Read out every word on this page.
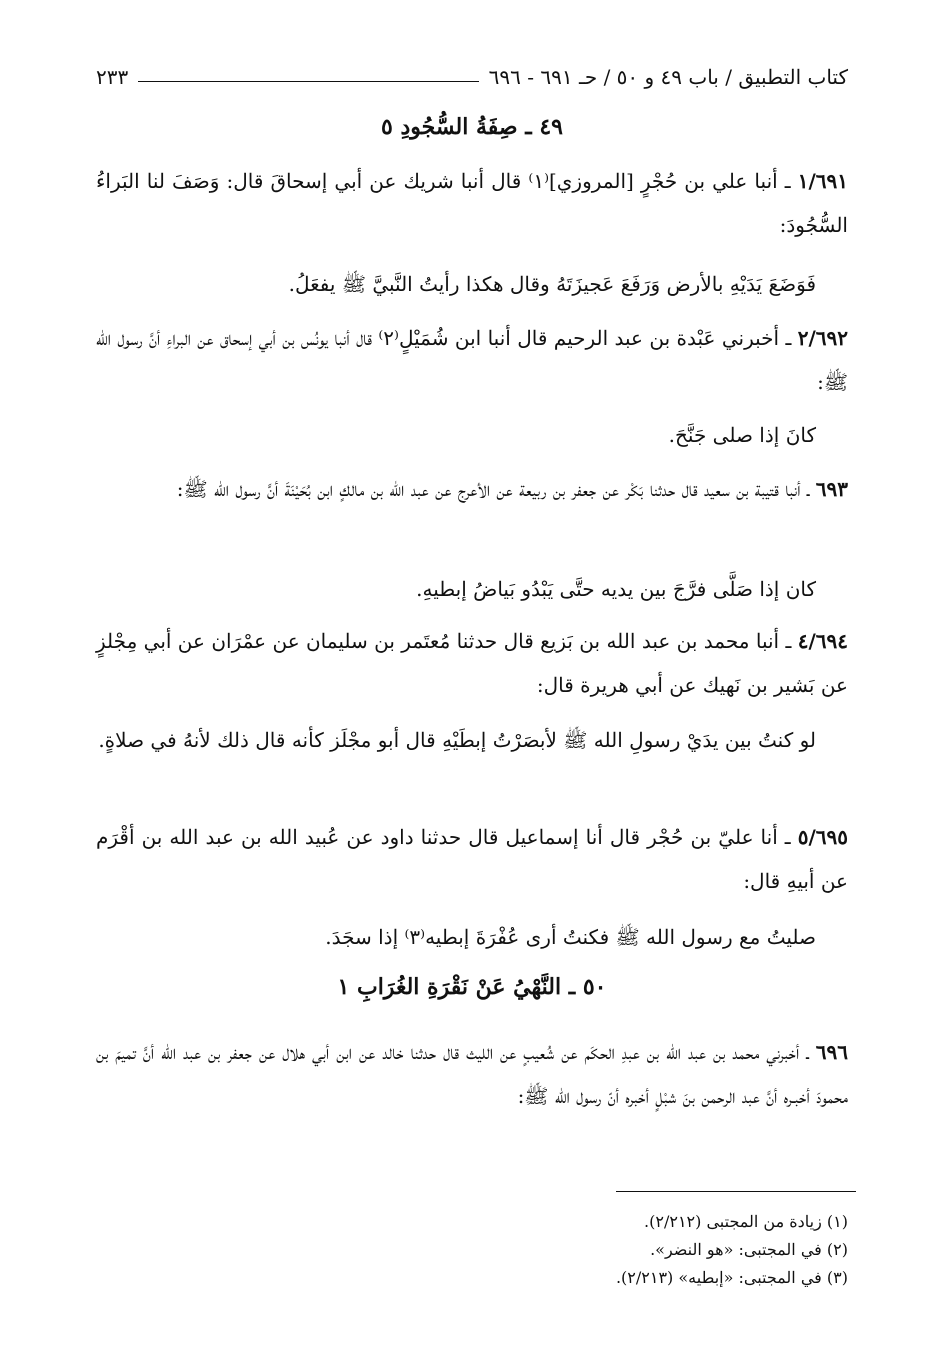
كتاب التطبيق / باب ٤٩ و ٥٠ / حـ ٦٩١ - ٦٩٦
٢٣٣
٤٩ ـ صِفَةُ السُّجُودِ ٥
١/٦٩١ ـ أنبا علي بن حُجْرٍ [المروزي]⁽١⁾ قال أنبا شريك عن أبي إسحاقَ قال: وَصَفَ لنا البَراءُ السُّجُودَ:
فَوَضَعَ يَدَيْهِ بالأرض وَرَفَعَ عَجيزَتَهُ وقال هكذا رأيتُ النَّبيَّ ﷺ يفعَلُ.
٢/٦٩٢ ـ أخبرني عَبْدة بن عبد الرحيم قال أنبا ابن شُمَيْلٍ⁽٢⁾ قال أنبا يونُس بن أبي إسحاق عن البراءِ أنَّ رسول الله ﷺ:
كانَ إذا صلى جَنَّحَ.
٦٩٣ ـ أنبا قتيبة بن سعيد قال حدثنا بَكْر عن جعفر بن ربيعة عن الأعرج عن عبد الله بن مالكٍ ابن بُحَيْنَةَ أنَّ رسول الله ﷺ:
كان إذا صَلَّى فرَّجَ بين يديه حتَّى يَبْدُو بَياضُ إبطيهِ.
٤/٦٩٤ ـ أنبا محمد بن عبد الله بن بَزيع قال حدثنا مُعتَمر بن سليمان عن عمْرَان عن أبي مِجْلزٍ عن بَشير بن نَهيك عن أبي هريرة قال:
لو كنتُ بين يدَيْ رسولِ الله ﷺ لأبصَرْتُ إبطَيْهِ قال أبو مجْلَز كأنه قال ذلك لأنهُ في صلاةٍ.
٥/٦٩٥ ـ أنا عليّ بن حُجْر قال أنا إسماعيل قال حدثنا داود عن عُبيد الله بن عبد الله بن أقْرَم عن أبيهِ قال:
صليتُ مع رسول الله ﷺ فكنتُ أرى عُفْرَةَ إبطيه⁽٣⁾ إذا سجَدَ.
٥٠ ـ النَّهْيُ عَنْ نَقْرَةِ الغُرَابِ ١
٦٩٦ ـ أخبرني محمد بن عبد الله بن عبدِ الحكَم عن شُعيبٍ عن الليث قال حدثنا خالد عن ابن أبي هلال عن جعفر بن عبد الله أنَّ تميمَ بن محمودَ أخبـره أنَّ عبد الرحمن بنَ شبْلٍ أخبره أنّ رسول الله ﷺ:
(١) زيادة من المجتبى (٢/٢١٢).
(٢) في المجتبى: «هو النضر».
(٣) في المجتبى: «إبطيه» (٢/٢١٣).
